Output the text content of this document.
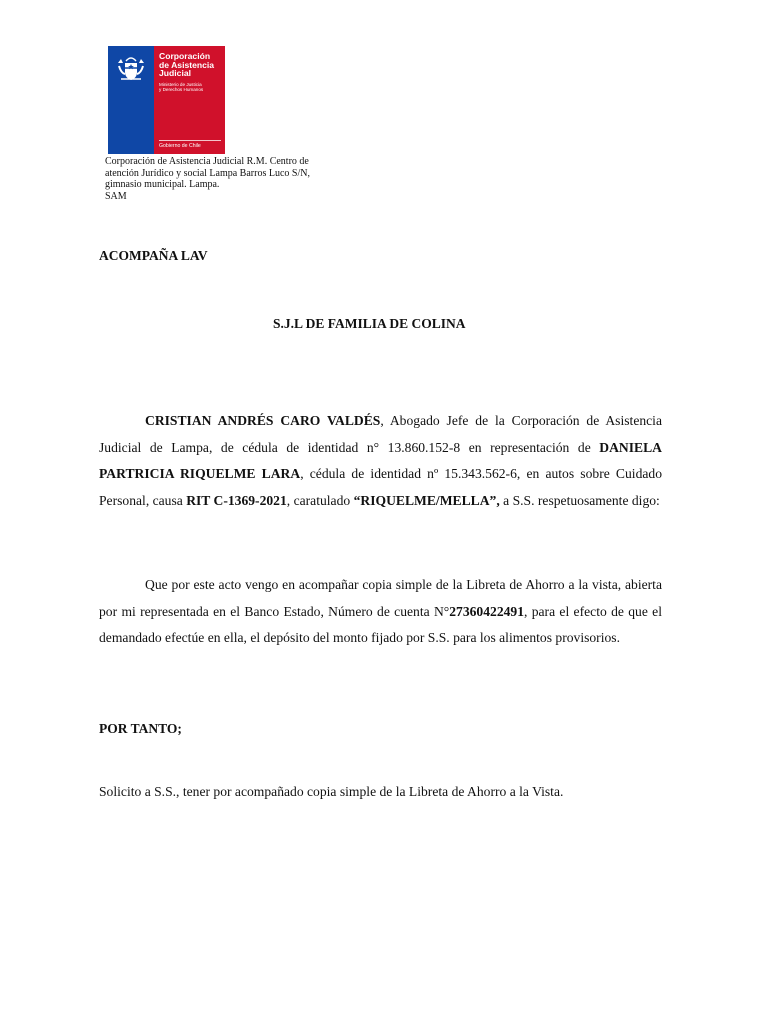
Corporación
de Asistencia
Judicial
Ministerio de Justicia
y Derechos Humanos
Gobierno de Chile
Corporación de Asistencia Judicial R.M. Centro de
atención Jurídico y social Lampa Barros Luco S/N,
gimnasio municipal. Lampa.
SAM
ACOMPAÑA LAV
S.J.L DE FAMILIA DE COLINA

CRISTIAN ANDRÉS CARO VALDÉS, Abogado Jefe de la Corporación de Asistencia Judicial de Lampa, de cédula de identidad n° 13.860.152-8 en representación de DANIELA PARTRICIA RIQUELME LARA, cédula de identidad nº 15.343.562-6, en autos sobre Cuidado Personal, causa RIT C-1369-2021, caratulado “RIQUELME/MELLA”, a S.S. respetuosamente digo:

Que por este acto vengo en acompañar copia simple de la Libreta de Ahorro a la vista, abierta por mi representada en el Banco Estado, Número de cuenta N°27360422491, para el efecto de que el demandado efectúe en ella, el depósito del monto fijado por S.S. para los alimentos provisorios.

POR TANTO;
Solicito a S.S., tener por acompañado copia simple de la Libreta de Ahorro a la Vista.
